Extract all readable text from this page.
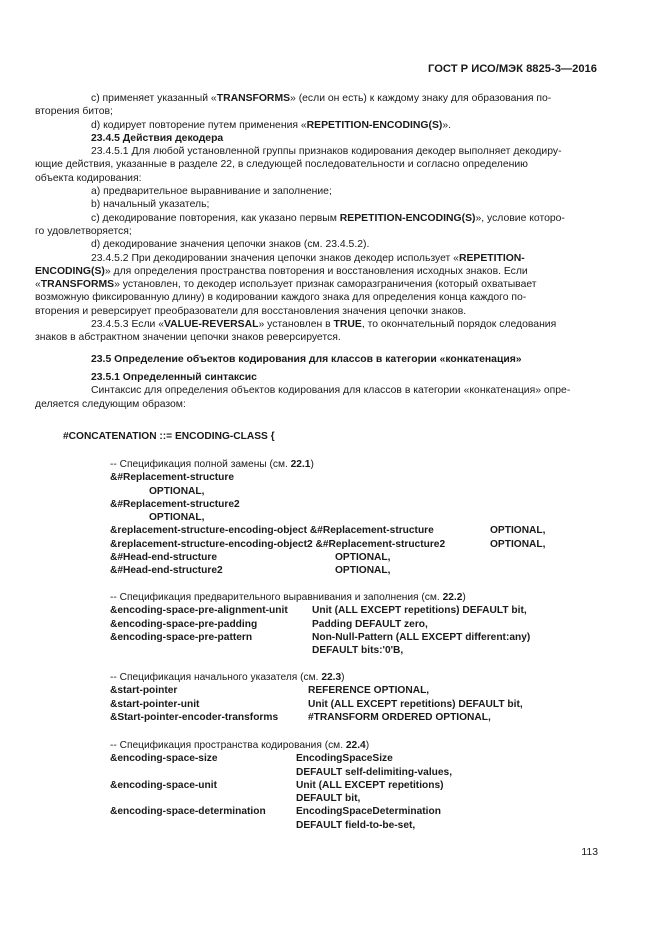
ГОСТ Р ИСО/МЭК 8825-3—2016

c) применяет указанный «TRANSFORMS» (если он есть) к каждому знаку для образования по-
вторения битов;

d) кодирует повторение путем применения «REPETITION-ENCODING(S)».

23.4.5 Действия декодера

23.4.5.1 Для любой установленной группы признаков кодирования декодер выполняет декодиру-
ющие действия, указанные в разделе 22, в следующей последовательности и согласно определению
объекта кодирования:

a) предварительное выравнивание и заполнение;

b) начальный указатель;

c) декодирование повторения, как указано первым REPETITION-ENCODING(S)», условие которо-
го удовлетворяется;

d) декодирование значения цепочки знаков (см. 23.4.5.2).

23.4.5.2 При декодировании значения цепочки знаков декодер использует «REPETITION-
ENCODING(S)» для определения пространства повторения и восстановления исходных знаков. Если
«TRANSFORMS» установлен, то декодер использует признак саморазграничения (который охватывает
возможную фиксированную длину) в кодировании каждого знака для определения конца каждого по-
вторения и реверсирует преобразователи для восстановления значения цепочки знаков.

23.4.5.3 Если «VALUE-REVERSAL» установлен в TRUE, то окончательный порядок следования
знаков в абстрактном значении цепочки знаков реверсируется.

23.5 Определение объектов кодирования для классов в категории «конкатенация»

23.5.1 Определенный синтаксис

Синтаксис для определения объектов кодирования для классов в категории «конкатенация» опре-
деляется следующим образом:

#CONCATENATION ::= ENCODING-CLASS {
-- Спецификация полной замены (см. 22.1)
&#Replacement-structure
OPTIONAL,
&#Replacement-structure2
OPTIONAL,
&replacement-structure-encoding-object &#Replacement-structure	OPTIONAL,
&replacement-structure-encoding-object2 &#Replacement-structure2	OPTIONAL,
&#Head-end-structure	OPTIONAL,
&#Head-end-structure2	OPTIONAL,
-- Спецификация предварительного выравнивания и заполнения (см. 22.2)
&encoding-space-pre-alignment-unit Unit (ALL EXCEPT repetitions) DEFAULT bit,
&encoding-space-pre-padding	Padding DEFAULT zero,
&encoding-space-pre-pattern	Non-Null-Pattern (ALL EXCEPT different:any)
DEFAULT bits:'0'B,
-- Спецификация начального указателя (см. 22.3)
&start-pointer	REFERENCE OPTIONAL,
&start-pointer-unit	Unit (ALL EXCEPT repetitions) DEFAULT bit,
&Start-pointer-encoder-transforms	#TRANSFORM ORDERED OPTIONAL,
-- Спецификация пространства кодирования (см. 22.4)
&encoding-space-size	EncodingSpaceSize
DEFAULT self-delimiting-values,
&encoding-space-unit	Unit (ALL EXCEPT repetitions)
DEFAULT bit,
&encoding-space-determination	EncodingSpaceDetermination
DEFAULT field-to-be-set,
113
